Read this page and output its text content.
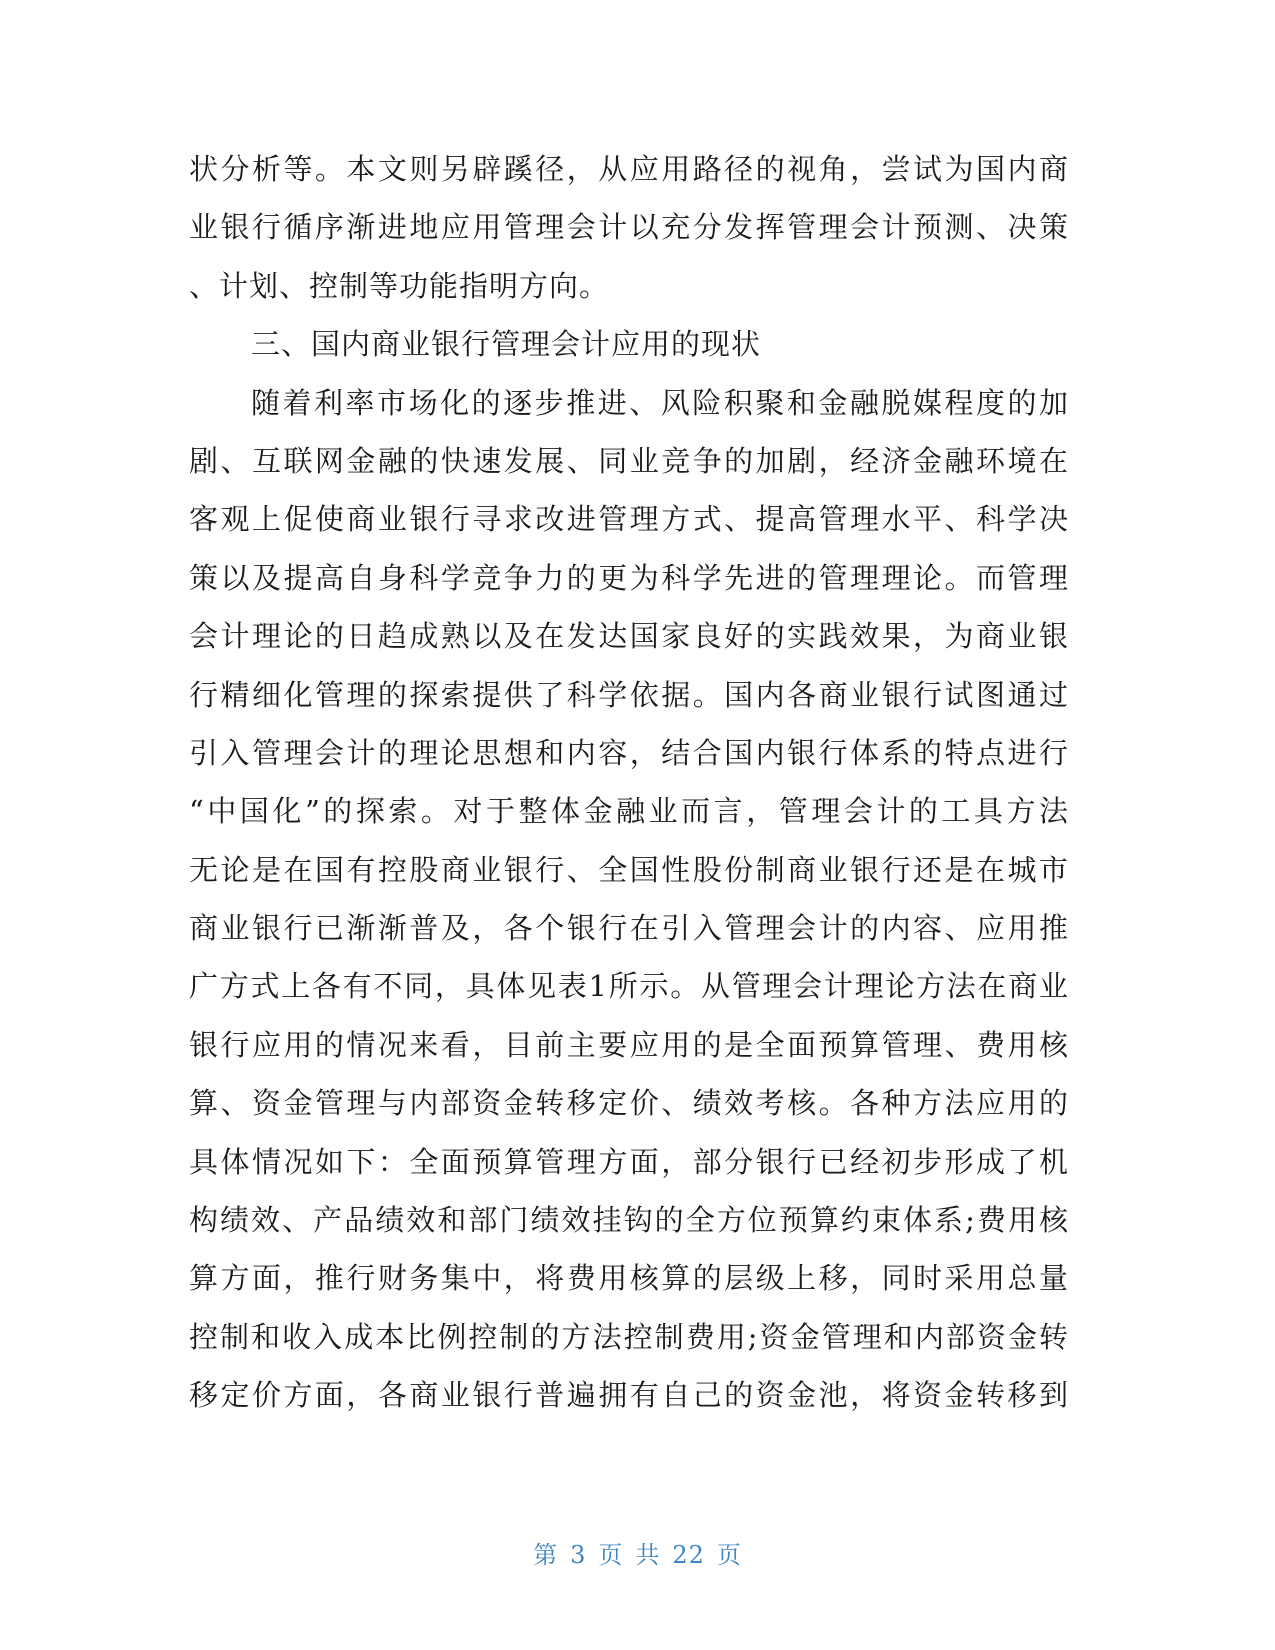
状分析等。本文则另辟蹊径，从应用路径的视角，尝试为国内商
业银行循序渐进地应用管理会计以充分发挥管理会计预测、决策
、计划、控制等功能指明方向。
三、国内商业银行管理会计应用的现状
随着利率市场化的逐步推进、风险积聚和金融脱媒程度的加
剧、互联网金融的快速发展、同业竞争的加剧，经济金融环境在
客观上促使商业银行寻求改进管理方式、提高管理水平、科学决
策以及提高自身科学竞争力的更为科学先进的管理理论。而管理
会计理论的日趋成熟以及在发达国家良好的实践效果，为商业银
行精细化管理的探索提供了科学依据。国内各商业银行试图通过
引入管理会计的理论思想和内容，结合国内银行体系的特点进行
“中国化”的探索。对于整体金融业而言，管理会计的工具方法
无论是在国有控股商业银行、全国性股份制商业银行还是在城市
商业银行已渐渐普及，各个银行在引入管理会计的内容、应用推
广方式上各有不同，具体见表1所示。从管理会计理论方法在商业
银行应用的情况来看，目前主要应用的是全面预算管理、费用核
算、资金管理与内部资金转移定价、绩效考核。各种方法应用的
具体情况如下：全面预算管理方面，部分银行已经初步形成了机
构绩效、产品绩效和部门绩效挂钩的全方位预算约束体系;费用核
算方面，推行财务集中，将费用核算的层级上移，同时采用总量
控制和收入成本比例控制的方法控制费用;资金管理和内部资金转
移定价方面，各商业银行普遍拥有自己的资金池，将资金转移到
第 3 页 共 22 页
